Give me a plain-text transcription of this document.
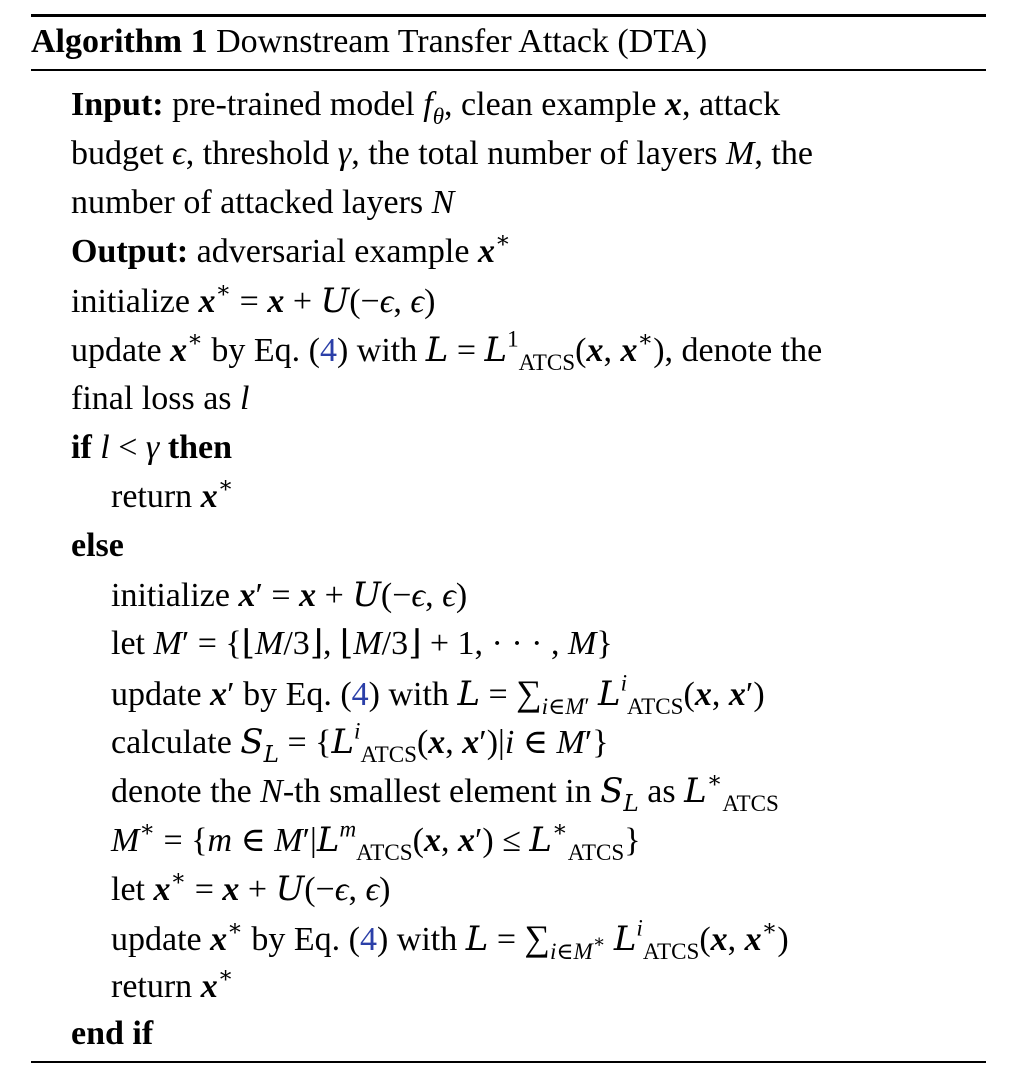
Algorithm 1 Downstream Transfer Attack (DTA)
Input: pre-trained model $f_\theta$, clean example x, attack
budget ϵ, threshold γ, the total number of layers M, the
number of attacked layers N
Output: adversarial example x∗
initialize x∗ = x + U(−ϵ, ϵ)
update x∗ by Eq. (4) with $L = L^1_{ATCS}(x$, x∗), denote the
final loss as l
if l < γ then
return x∗
else
initialize x′ = x + U(−ϵ, ϵ)
let M′ = {⌊M/3⌋, ⌊M/3⌋ + 1, · · · , M}
update x′ by Eq. (4) with $L = \sum_{i\in M'}$ $L^i_{ATCS}(x$, x′)
calculate $S_L = \{L^i_{ATCS}(x$, x′)|i ∈ M′}
denote the N-th smallest element in $S_L$ as $L^∗_{ATCS}$
M∗ = {m ∈ $M'|L^m_{ATCS}(x$, $x') \le L^∗_{ATCS}$}
let x∗ = x + U(−ϵ, ϵ)
update x∗ by Eq. (4) with $L = \sum_{i\in M^∗}$ $L^i_{ATCS}(x$, x∗)
return x∗
end if
